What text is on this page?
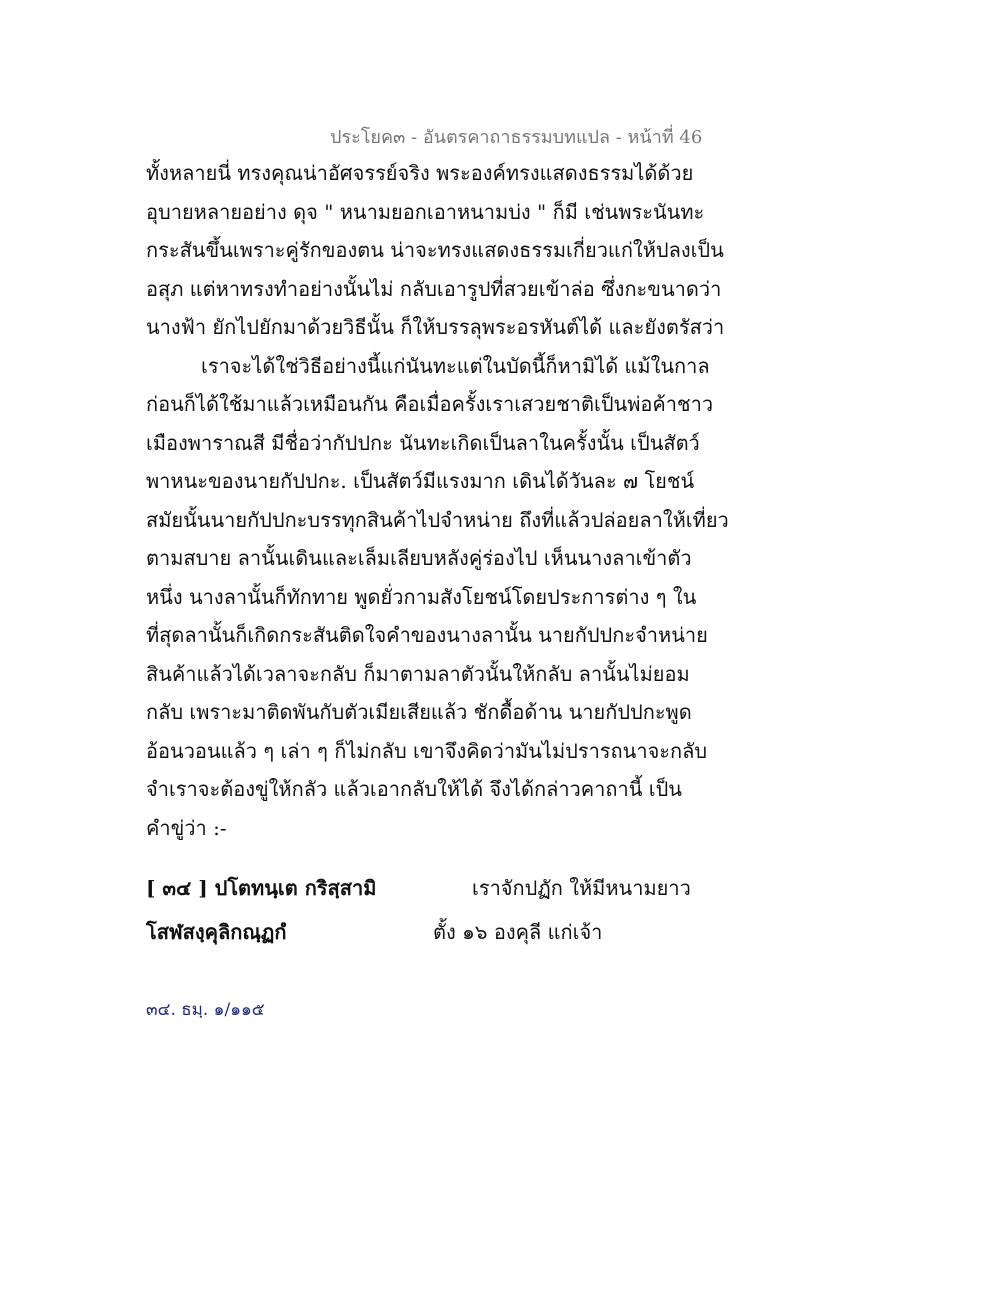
ประโยค๓ - อันตรคาถาธรรมบทแปล - หน้าที่ 46
ทั้งหลายนี่ ทรงคุณน่าอัศจรรย์จริง พระองค์ทรงแสดงธรรมได้ด้วย
อุบายหลายอย่าง ดุจ " หนามยอกเอาหนามบ่ง " ก็มี เช่นพระนันทะ
กระสันขึ้นเพราะคู่รักของตน น่าจะทรงแสดงธรรมเกี่ยวแก่ให้ปลงเป็น
อสุภ แต่หาทรงทำอย่างนั้นไม่ กลับเอารูปที่สวยเข้าล่อ ซึ่งกะขนาดว่า
นางฟ้า ยักไปยักมาด้วยวิธีนั้น ก็ให้บรรลุพระอรหันต์ได้ และยังตรัสว่า
เราจะได้ใช่วิธีอย่างนี้แก่นันทะแต่ในบัดนี้ก็หามิได้ แม้ในกาล
ก่อนก็ได้ใช้มาแล้วเหมือนกัน คือเมื่อครั้งเราเสวยชาติเป็นพ่อค้าชาว
เมืองพาราณสี มีชื่อว่ากัปปกะ นันทะเกิดเป็นลาในครั้งนั้น เป็นสัตว์
พาหนะของนายกัปปกะ. เป็นสัตว์มีแรงมาก เดินได้วันละ ๗ โยชน์
สมัยนั้นนายกัปปกะบรรทุกสินค้าไปจำหน่าย ถึงที่แล้วปล่อยลาให้เที่ยว
ตามสบาย ลานั้นเดินและเล็มเลียบหลังคู่ร่องไป เห็นนางลาเข้าตัว
หนึ่ง นางลานั้นก็ทักทาย พูดยั่วกามสังโยชน์โดยประการต่าง ๆ ใน
ที่สุดลานั้นก็เกิดกระสันติดใจคำของนางลานั้น นายกัปปกะจำหน่าย
สินค้าแล้วได้เวลาจะกลับ ก็มาตามลาตัวนั้นให้กลับ ลานั้นไม่ยอม
กลับ เพราะมาติดพันกับตัวเมียเสียแล้ว ชักดื้อด้าน นายกัปปกะพูด
อ้อนวอนแล้ว ๆ เล่า ๆ ก็ไม่กลับ เขาจึงคิดว่ามันไม่ปรารถนาจะกลับ
จำเราจะต้องขู่ให้กลัว แล้วเอากลับให้ได้ จึงได้กล่าวคาถานี้ เป็น
คำขู่ว่า :-
[ ๓๔ ] ปโตทนฺเต กริสฺสามิ	เราจักปฏัก ให้มีหนามยาว
โสฬสงฺคุลิกณฺฏกํ	ตั้ง ๑๖ องคุลี แก่เจ้า
๓๔. ธมฺ. ๑/๑๑๕
